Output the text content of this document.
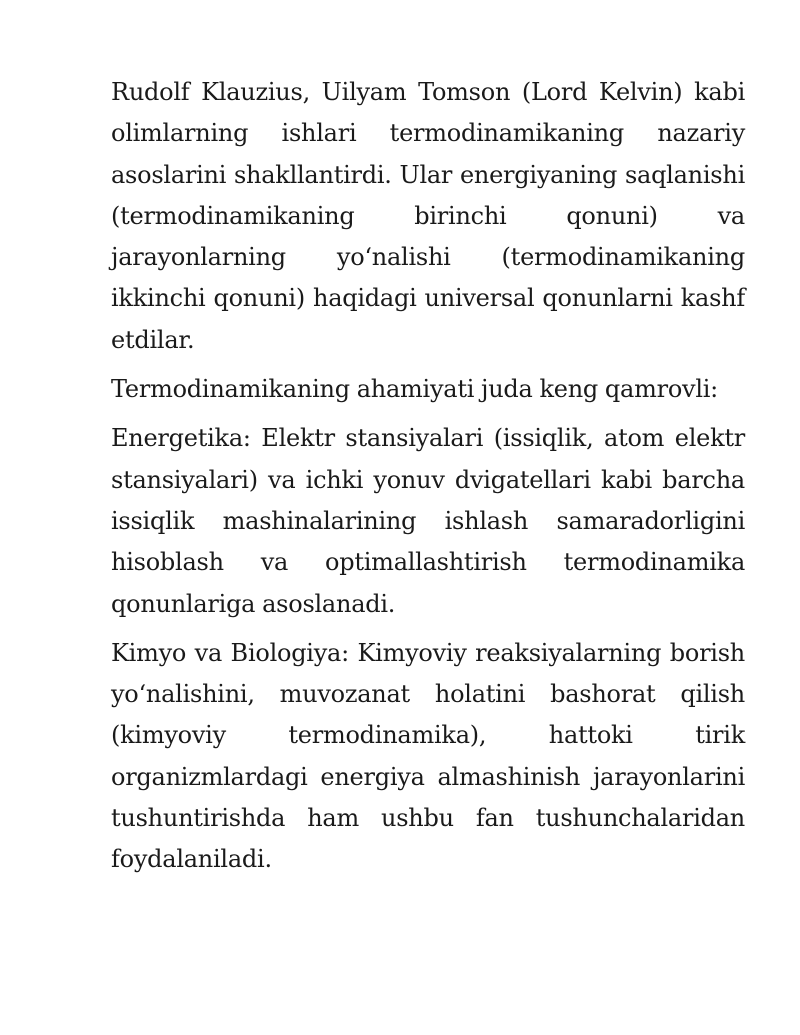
Rudolf Klauzius, Uilyam Tomson (Lord Kelvin) kabi olimlarning ishlari termodinamikaning nazariy asoslarini shakllantirdi. Ular energiyaning saqlanishi (termodinamikaning birinchi qonuni) va jarayonlarning yo‘nalishi (termodinamikaning ikkinchi qonuni) haqidagi universal qonunlarni kashf etdilar.

Termodinamikaning ahamiyati juda keng qamrovli:

Energetika: Elektr stansiyalari (issiqlik, atom elektr stansiyalari) va ichki yonuv dvigatellari kabi barcha issiqlik mashinalarining ishlash samaradorligini hisoblash va optimallashtirish termodinamika qonunlariga asoslanadi.

Kimyo va Biologiya: Kimyoviy reaksiyalarning borish yo‘nalishini, muvozanat holatini bashorat qilish (kimyoviy termodinamika), hattoki tirik organizmlardagi energiya almashinish jarayonlarini tushuntirishda ham ushbu fan tushunchalaridan foydalaniladi.
